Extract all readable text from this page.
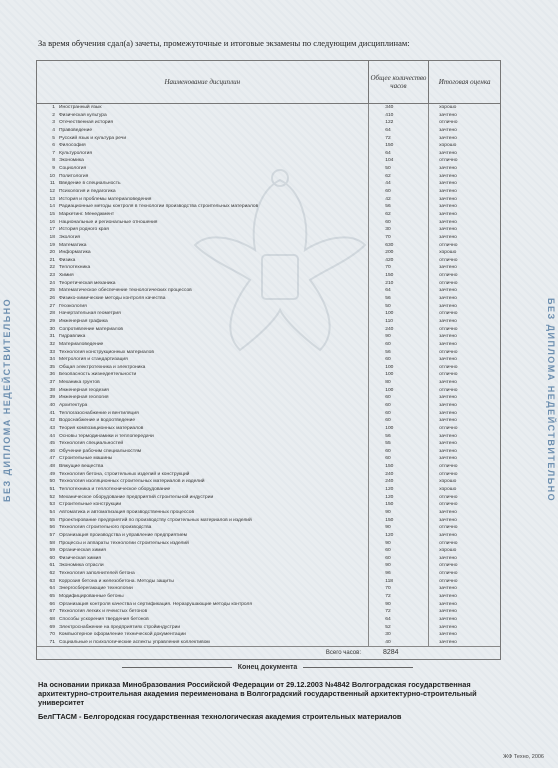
БЕЗ ДИПЛОМА НЕДЕЙСТВИТЕЛЬНО	БЕЗ ДИПЛОМА НЕДЕЙСТВИТЕЛЬНО
За время обучения сдал(а) зачеты, промежуточные и итоговые экзамены по следующим дисциплинам:
Наименование дисциплин	Общее количество часов	Итоговая оценка
1 Иностранный язык	340	хорошо
2 Физическая культура	410	зачтено
3 Отечественная история	122	отлично
4 Правоведение	64	зачтено
5 Русский язык и культура речи	72	зачтено
6 Философия	150	хорошо
7 Культурология	64	зачтено
8 Экономика	104	отлично
9 Социология	50	зачтено
10 Политология	62	зачтено
11 Введение в специальность	44	зачтено
12 Психология и педагогика	60	зачтено
13 История и проблемы материаловедения	42	зачтено
14 Радиационные методы контроля в технологии производства строительных материалов	56	зачтено
15 Маркетинг. Менеджмент	62	зачтено
16 Национальные и региональные отношения	60	зачтено
17 История родного края	30	зачтено
18 Экология	70	зачтено
19 Математика	630	отлично
20 Информатика	200	хорошо
21 Физика	420	отлично
22 Теплотехника	70	зачтено
23 Химия	150	отлично
24 Теоретическая механика	210	отлично
25 Математическое обеспечение технологических процессов	64	зачтено
26 Физико-химические методы контроля качества	56	зачтено
27 Геоэкология	50	зачтено
28 Начертательная геометрия	100	отлично
29 Инженерная графика	110	зачтено
30 Сопротивление материалов	240	отлично
31 Гидравлика	90	зачтено
32 Материаловедение	60	зачтено
33 Технология конструкционных материалов	56	отлично
34 Метрология и стандартизация	60	зачтено
35 Общая электротехника и электроника	100	отлично
36 Безопасность жизнедеятельности	100	отлично
37 Механика грунтов	80	зачтено
38 Инженерная геодезия	100	отлично
39 Инженерная геология	60	зачтено
40 Архитектура	60	зачтено
41 Теплогазоснабжение и вентиляция	60	зачтено
42 Водоснабжение и водоотведение	60	зачтено
43 Теория композиционных материалов	100	отлично
44 Основы термодинамики и теплопередачи	56	зачтено
45 Технология специальностей	55	зачтено
46 Обучение рабочим специальностям	60	зачтено
47 Строительные машины	60	зачтено
48 Вяжущие вещества	150	отлично
49 Технология бетона, строительных изделий и конструкций	240	отлично
50 Технология изоляционных строительных материалов и изделий	240	хорошо
51 Теплотехника и теплотехническое оборудование	120	хорошо
52 Механическое оборудование предприятий строительной индустрии	120	отлично
53 Строительные конструкции	150	отлично
54 Автоматика и автоматизация производственных процессов	90	зачтено
55 Проектирование предприятий по производству строительных материалов и изделий	150	зачтено
56 Технология строительного производства	90	отлично
57 Организация производства и управление предприятием	120	зачтено
58 Процессы и аппараты технологии строительных изделий	90	отлично
59 Органическая химия	60	хорошо
60 Физическая химия	60	зачтено
61 Экономика отрасли	90	отлично
62 Технология заполнителей бетона	96	отлично
63 Коррозия бетона и железобетона. Методы защиты	118	отлично
64 Энергосберегающие технологии	70	зачтено
65 Модифицированные бетоны	72	зачтено
66 Организация контроля качества и сертификация. Неразрушающие методы контроля	90	зачтено
67 Технология легких и ячеистых бетонов	72	зачтено
68 Способы ускорения твердения бетонов	64	зачтено
69 Электроснабжение на предприятиях стройиндустрии	52	зачтено
70 Компьютерное оформление технической документации	30	зачтено
71 Социальные и психологические аспекты управления коллективом	40	зачтено
Всего часов:	8284
Конец документа
На основании приказа Минобразования Российской Федерации от 29.12.2003 №4842 Волгоградская государственная архитектурно-строительная академия переименована в Волгоградский государственный архитектурно-строительный университет
БелГТАСМ - Белгородская государственная технологическая академия строительных материалов
ЖФ Техно, 2006
